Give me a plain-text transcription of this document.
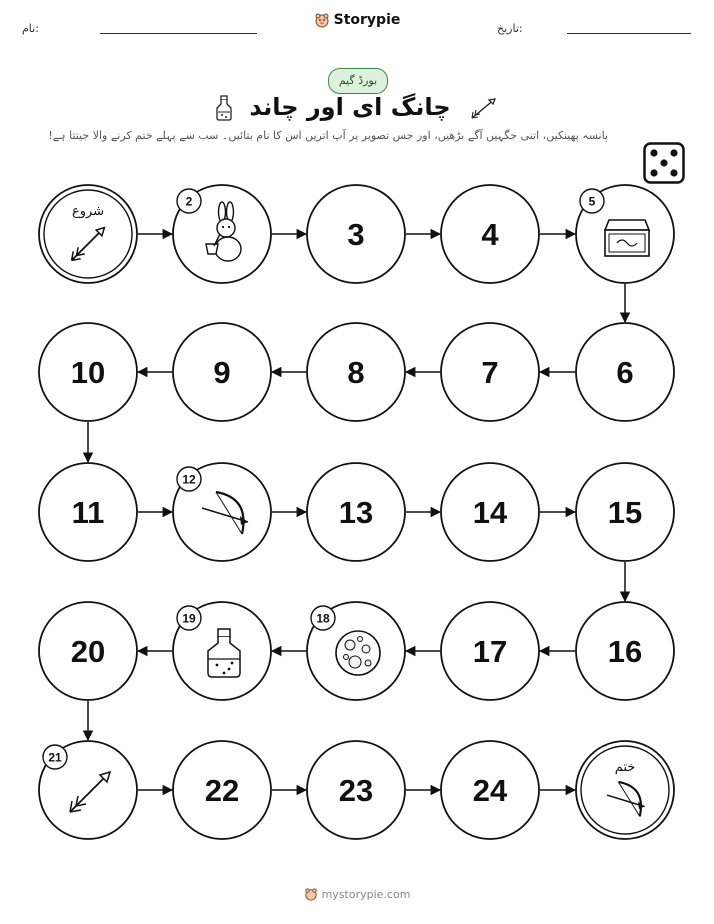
نام:
Storypie
تاریخ:
بورڈ گیم
چانگ ای اور چاند
پانسہ پھینکیں، اتنی جگہیں آگے بڑھیں، اور جس تصویر پر آپ اتریں اس کا نام بتائیں۔ سب سے پہلے ختم کرنے والا جیتتا ہے!
شروع
2
3	4
5
6
7
8
9
10
11
12
13	14	15
16
17
18
19
20
21
22	23	24
ختم
mystorypie.com
